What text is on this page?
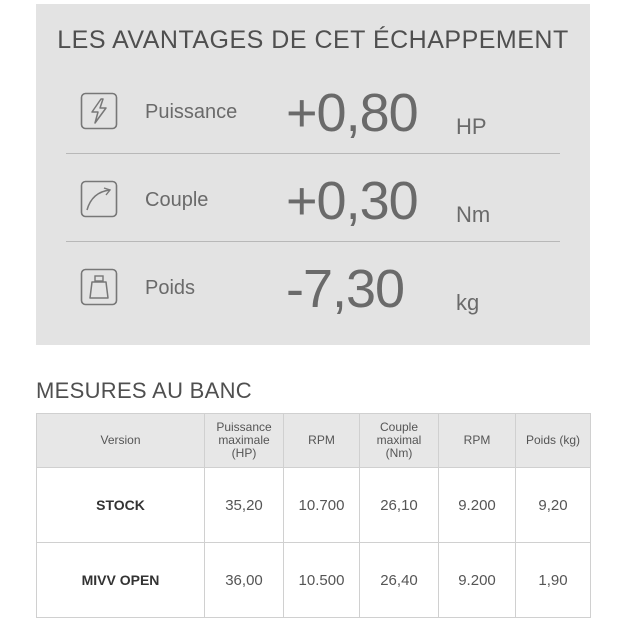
LES AVANTAGES DE CET ÉCHAPPEMENT
Puissance +0,80 HP
Couple +0,30 Nm
Poids -7,30 kg
MESURES AU BANC
Version	Puissance maximale (HP)	RPM	Couple maximal (Nm)	RPM	Poids (kg)
STOCK	35,20	10.700	26,10	9.200	9,20
MIVV OPEN	36,00	10.500	26,40	9.200	1,90
